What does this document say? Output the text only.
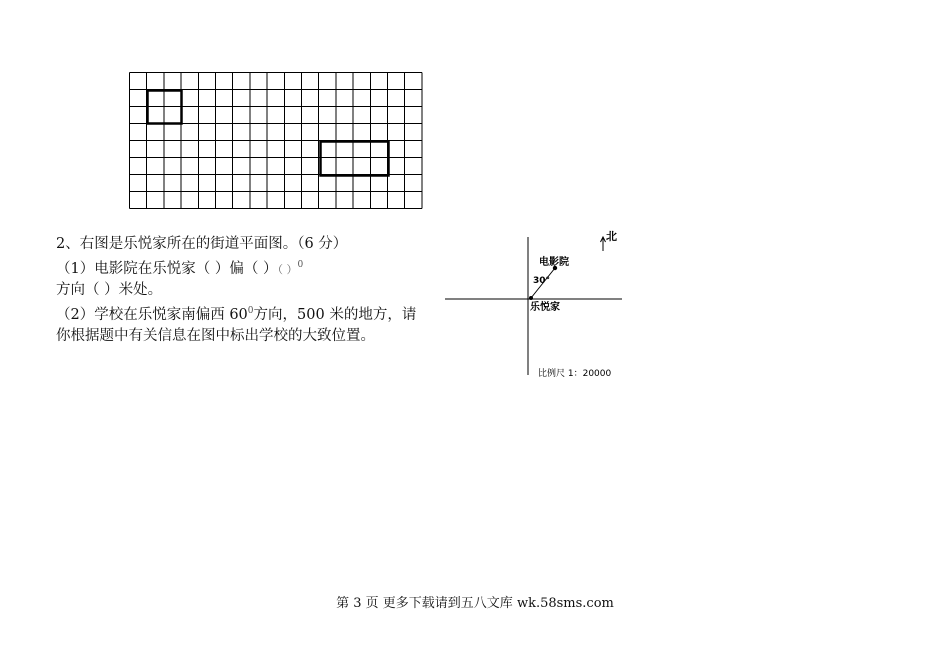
2、右图是乐悦家所在的街道平面图。（6 分）
（1）电影院在乐悦家（ ）偏（ ）（ ）$^0$
方向（ ）米处。
（2）学校在乐悦家南偏西 $60^0$方向，500 米的地方，请
你根据题中有关信息在图中标出学校的大致位置。
北
电影院
30°
乐悦家
比例尺 1：20000
第 3 页 更多下载请到五八文库 wk.58sms.com
